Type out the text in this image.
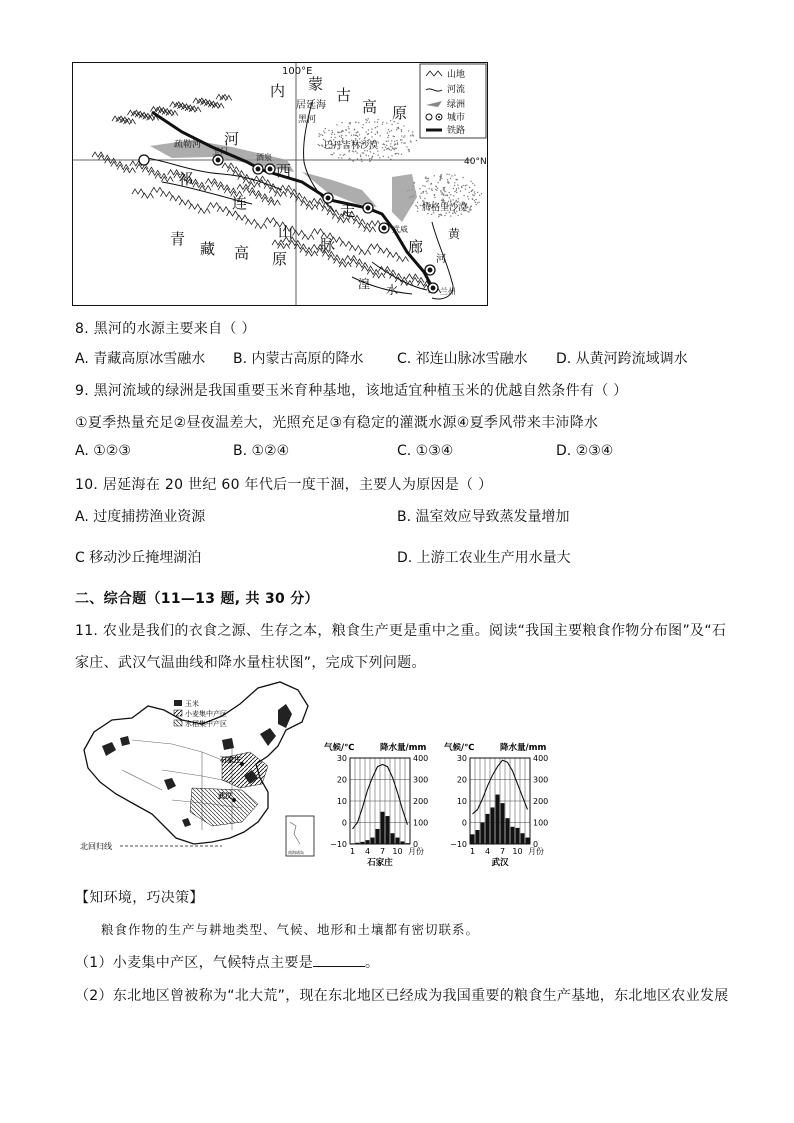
100°E
40°N
居延海
巴丹吉林沙漠
腾格里沙漠
疏勒河
玉门
酒泉
武威
兰州
黑河
内 蒙
古
高 原
河
西
走
廊
祁
连
山
脉
青
藏 高 原
黄
河
湟 水
山地
河流
绿洲
城市
铁路
8. 黑河的水源主要来自（ ）
A. 青藏高原冰雪融水 B. 内蒙古高原的降水 C. 祁连山脉冰雪融水 D. 从黄河跨流域调水
9. 黑河流域的绿洲是我国重要玉米育种基地，该地适宜种植玉米的优越自然条件有（ ）
①夏季热量充足②昼夜温差大，光照充足③有稳定的灌溉水源④夏季风带来丰沛降水
A. ①②③	B. ①②④	C. ①③④	D. ②③④
10. 居延海在 20 世纪 60 年代后一度干涸，主要人为原因是（ ）
A. 过度捕捞渔业资源	B. 温室效应导致蒸发量增加
C 移动沙丘掩埋湖泊	D. 上游工农业生产用水量大
二、综合题（11—13 题, 共 30 分）
11. 农业是我们的衣食之源、生存之本，粮食生产更是重中之重。阅读“我国主要粮食作物分布图”及“石
家庄、武汉气温曲线和降水量柱状图”，完成下列问题。
玉米
小麦集中产区
水稻集中产区
石家庄
武汉
北回归线
南海诸岛
30
20
10
0
−10
400
300
200
100
0
1 4 7 10 月份
气候/℃	降水量/mm
石家庄
30
20
10
0
−10
400
300
200
100
0
1 4 7 10 月份
气候/℃	降水量/mm
武汉
【知环境，巧决策】
粮食作物的生产与耕地类型、气候、地形和土壤都有密切联系。
（1）小麦集中产区，气候特点主要是	。
（2）东北地区曾被称为“北大荒”，现在东北地区已经成为我国重要的粮食生产基地，东北地区农业发展
